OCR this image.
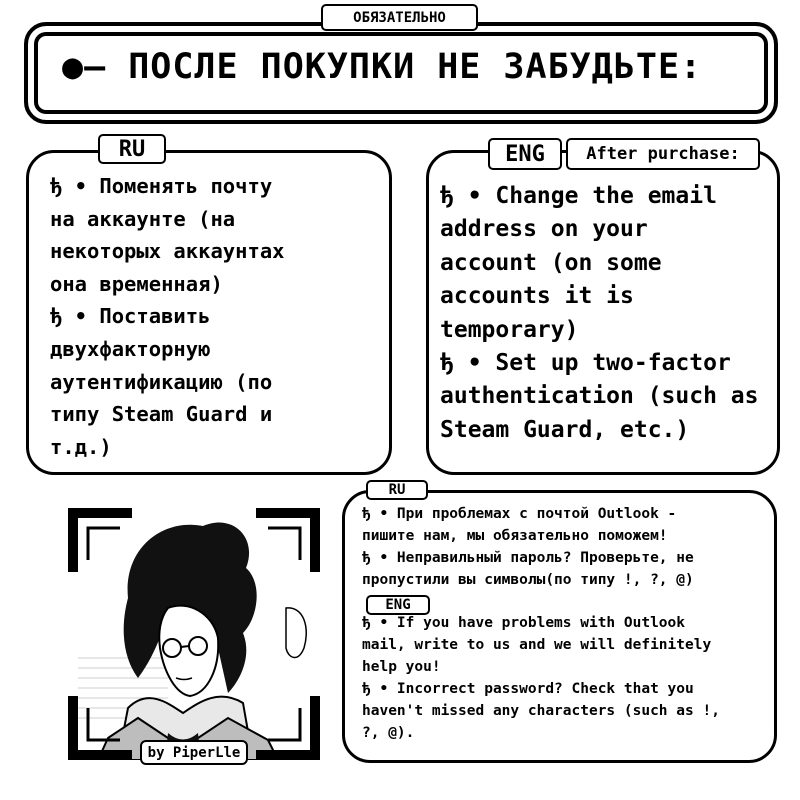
●— ПОСЛЕ ПОКУПКИ НЕ ЗАБУДЬТЕ:
ОБЯЗАТЕЛЬНО
RU

ђ • Поменять почту

на аккаунте (на

некоторых аккаунтах

она временная)

ђ • Поставить

двухфакторную

аутентификацию (по

типу Steam Guard и

т.д.)

ENG	After purchase:

ђ • Change the email

address on your

account (on some

accounts it is

temporary)

ђ • Set up two-factor

authentication (such as

Steam Guard, etc.)

by PiperLle
RU

ђ • При проблемах с почтой Outlook -

пишите нам, мы обязательно поможем!

ђ • Неправильный пароль? Проверьте, не

пропустили вы символы(по типу !, ?, @)

ENG

ђ • If you have problems with Outlook

mail, write to us and we will definitely

help you!

ђ • Incorrect password? Check that you

haven't missed any characters (such as !,

?, @).
